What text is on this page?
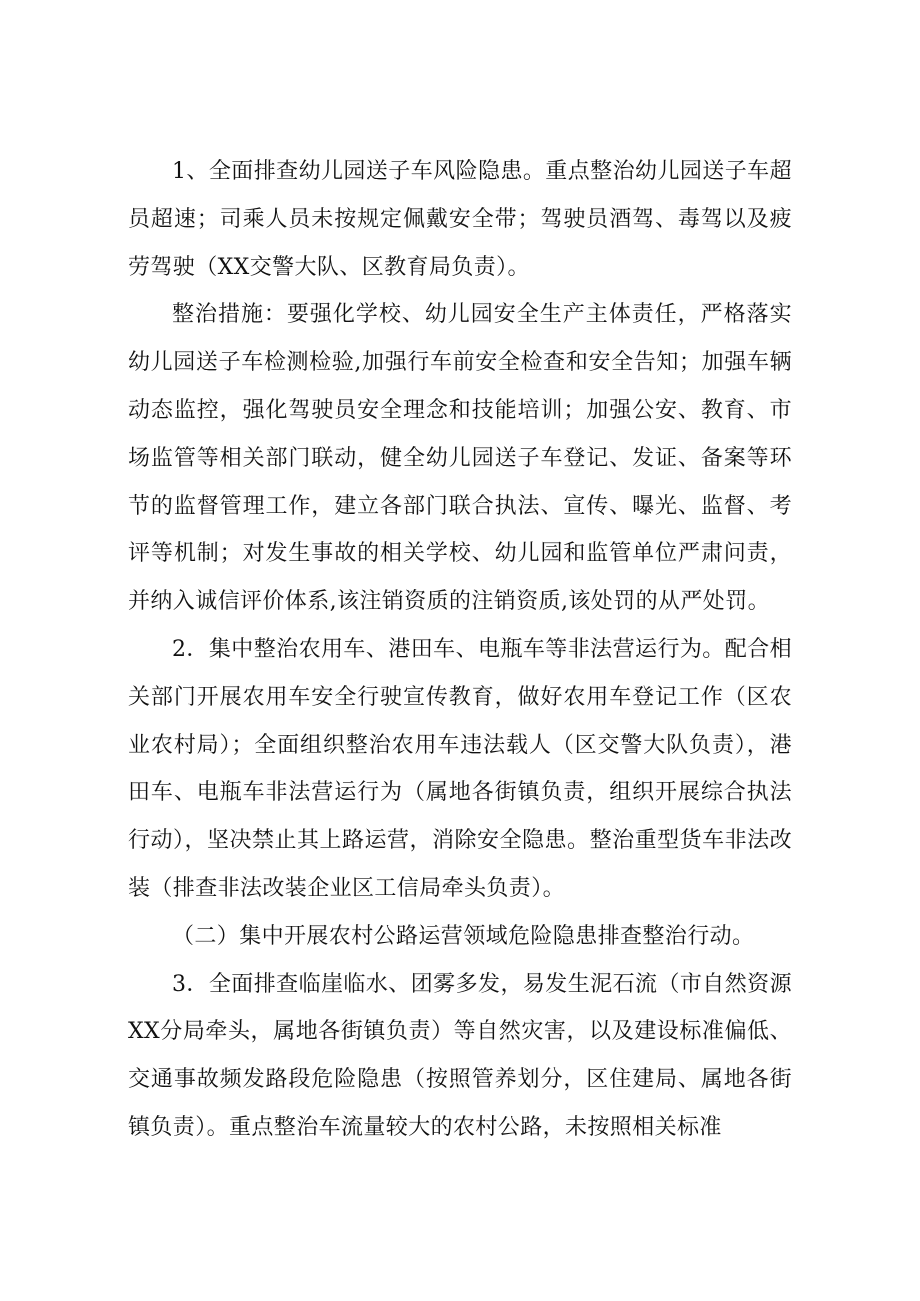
1、全面排查幼儿园送子车风险隐患。重点整治幼儿园送子车超员超速；司乘人员未按规定佩戴安全带；驾驶员酒驾、毒驾以及疲劳驾驶（XX交警大队、区教育局负责）。

整治措施：要强化学校、幼儿园安全生产主体责任，严格落实幼儿园送子车检测检验,加强行车前安全检查和安全告知；加强车辆动态监控，强化驾驶员安全理念和技能培训；加强公安、教育、市场监管等相关部门联动，健全幼儿园送子车登记、发证、备案等环节的监督管理工作，建立各部门联合执法、宣传、曝光、监督、考评等机制；对发生事故的相关学校、幼儿园和监管单位严肃问责，并纳入诚信评价体系,该注销资质的注销资质,该处罚的从严处罚。

2．集中整治农用车、港田车、电瓶车等非法营运行为。配合相关部门开展农用车安全行驶宣传教育，做好农用车登记工作（区农业农村局）；全面组织整治农用车违法载人（区交警大队负责），港田车、电瓶车非法营运行为（属地各街镇负责，组织开展综合执法行动），坚决禁止其上路运营，消除安全隐患。整治重型货车非法改装（排查非法改装企业区工信局牵头负责）。

（二）集中开展农村公路运营领域危险隐患排查整治行动。

3．全面排查临崖临水、团雾多发，易发生泥石流（市自然资源XX分局牵头，属地各街镇负责）等自然灾害，以及建设标准偏低、交通事故频发路段危险隐患（按照管养划分，区住建局、属地各街镇负责）。重点整治车流量较大的农村公路，未按照相关标准
